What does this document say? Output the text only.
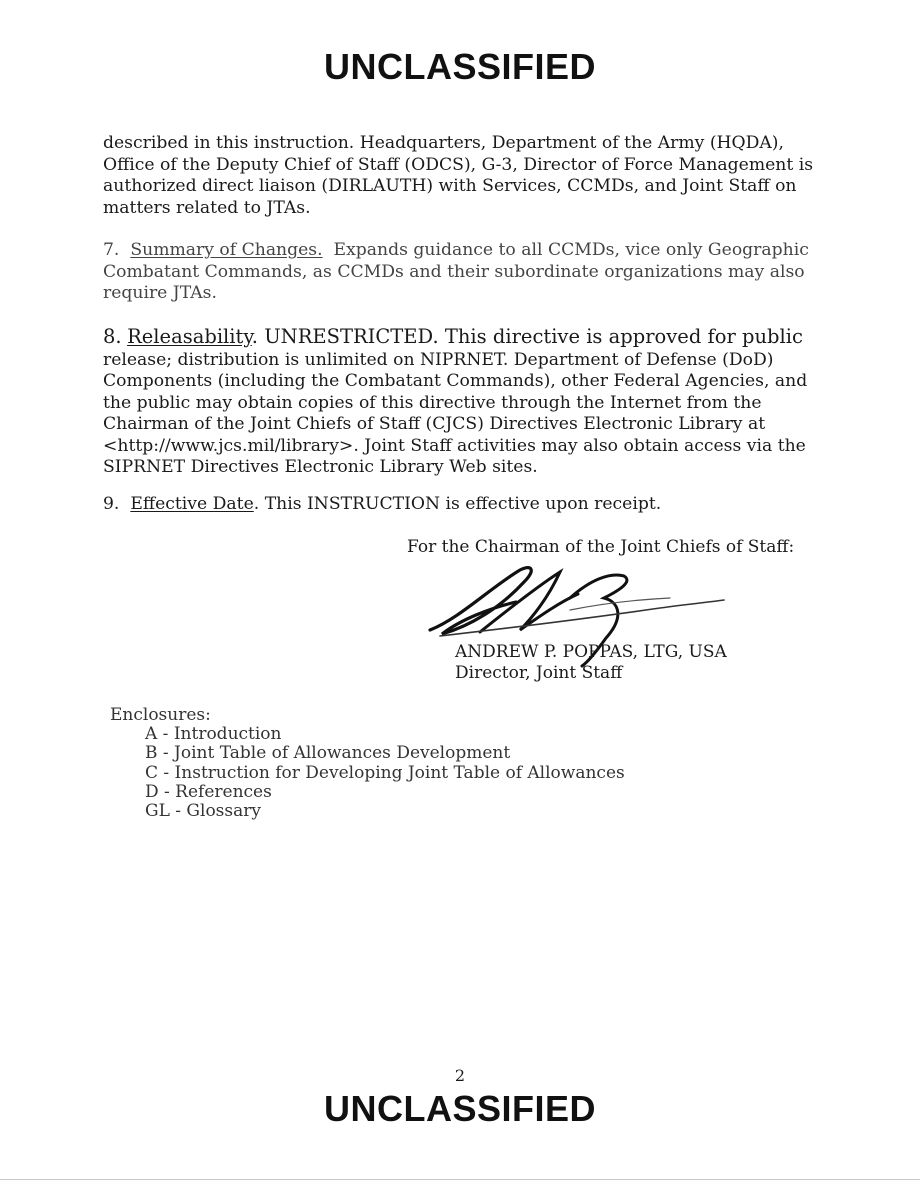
UNCLASSIFIED

described in this instruction. Headquarters, Department of the Army (HQDA), Office of the Deputy Chief of Staff (ODCS), G-3, Director of Force Management is authorized direct liaison (DIRLAUTH) with Services, CCMDs, and Joint Staff on matters related to JTAs.

7. Summary of Changes. Expands guidance to all CCMDs, vice only Geographic Combatant Commands, as CCMDs and their subordinate organizations may also require JTAs.

8. Releasability. UNRESTRICTED. This directive is approved for public release; distribution is unlimited on NIPRNET. Department of Defense (DoD) Components (including the Combatant Commands), other Federal Agencies, and the public may obtain copies of this directive through the Internet from the Chairman of the Joint Chiefs of Staff (CJCS) Directives Electronic Library at <http://www.jcs.mil/library>. Joint Staff activities may also obtain access via the SIPRNET Directives Electronic Library Web sites.

9. Effective Date. This INSTRUCTION is effective upon receipt.

For the Chairman of the Joint Chiefs of Staff:
ANDREW P. POPPAS, LTG, USA
Director, Joint Staff
Enclosures:
A - Introduction
B - Joint Table of Allowances Development
C - Instruction for Developing Joint Table of Allowances
D - References
GL - Glossary
2
UNCLASSIFIED
